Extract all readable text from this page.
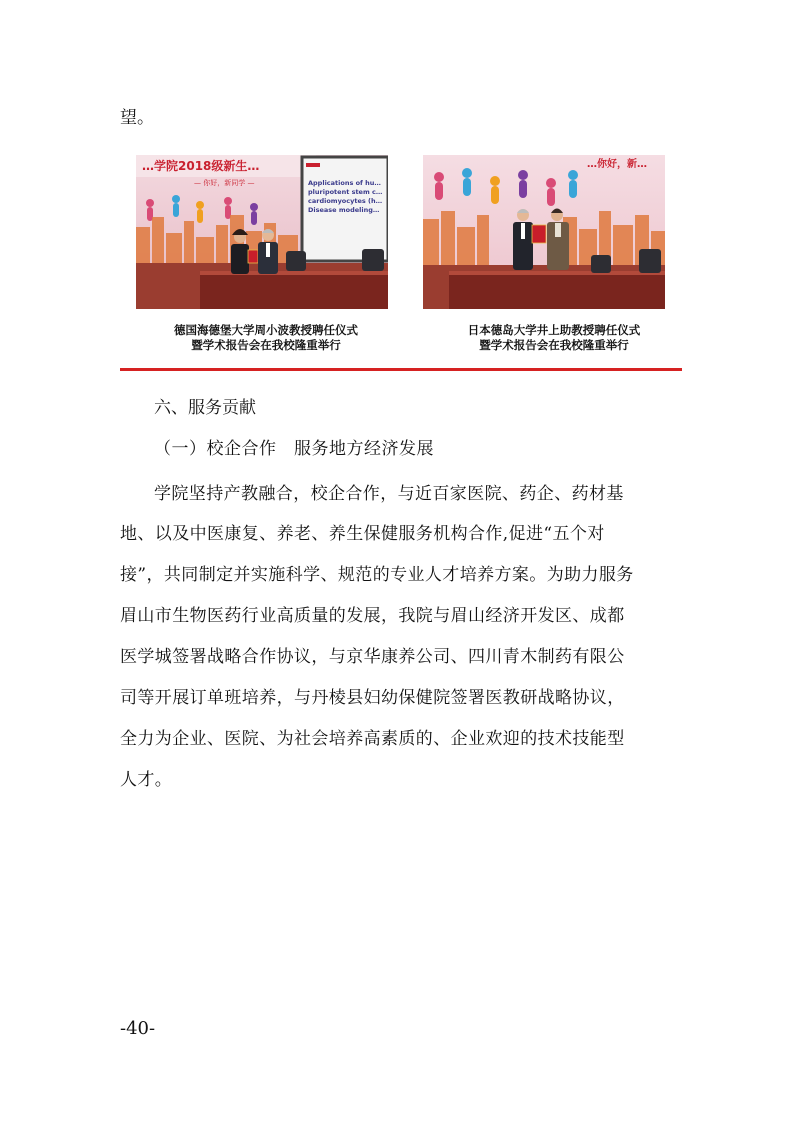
望。
…学院2018级新生…
— 你好，新同学 —	Applications of hu…
pluripotent stem c…
cardiomyocytes (h…
Disease modeling…
…你好，新…
德国海德堡大学周小波教授聘任仪式
暨学术报告会在我校隆重举行
日本德岛大学井上助教授聘任仪式
暨学术报告会在我校隆重举行
六、服务贡献
（一）校企合作　服务地方经济发展
学院坚持产教融合，校企合作，与近百家医院、药企、药材基
地、以及中医康复、养老、养生保健服务机构合作,促进“五个对
接”，共同制定并实施科学、规范的专业人才培养方案。为助力服务
眉山市生物医药行业高质量的发展，我院与眉山经济开发区、成都
医学城签署战略合作协议，与京华康养公司、四川青木制药有限公
司等开展订单班培养，与丹棱县妇幼保健院签署医教研战略协议，
全力为企业、医院、为社会培养高素质的、企业欢迎的技术技能型
人才。
-40-
